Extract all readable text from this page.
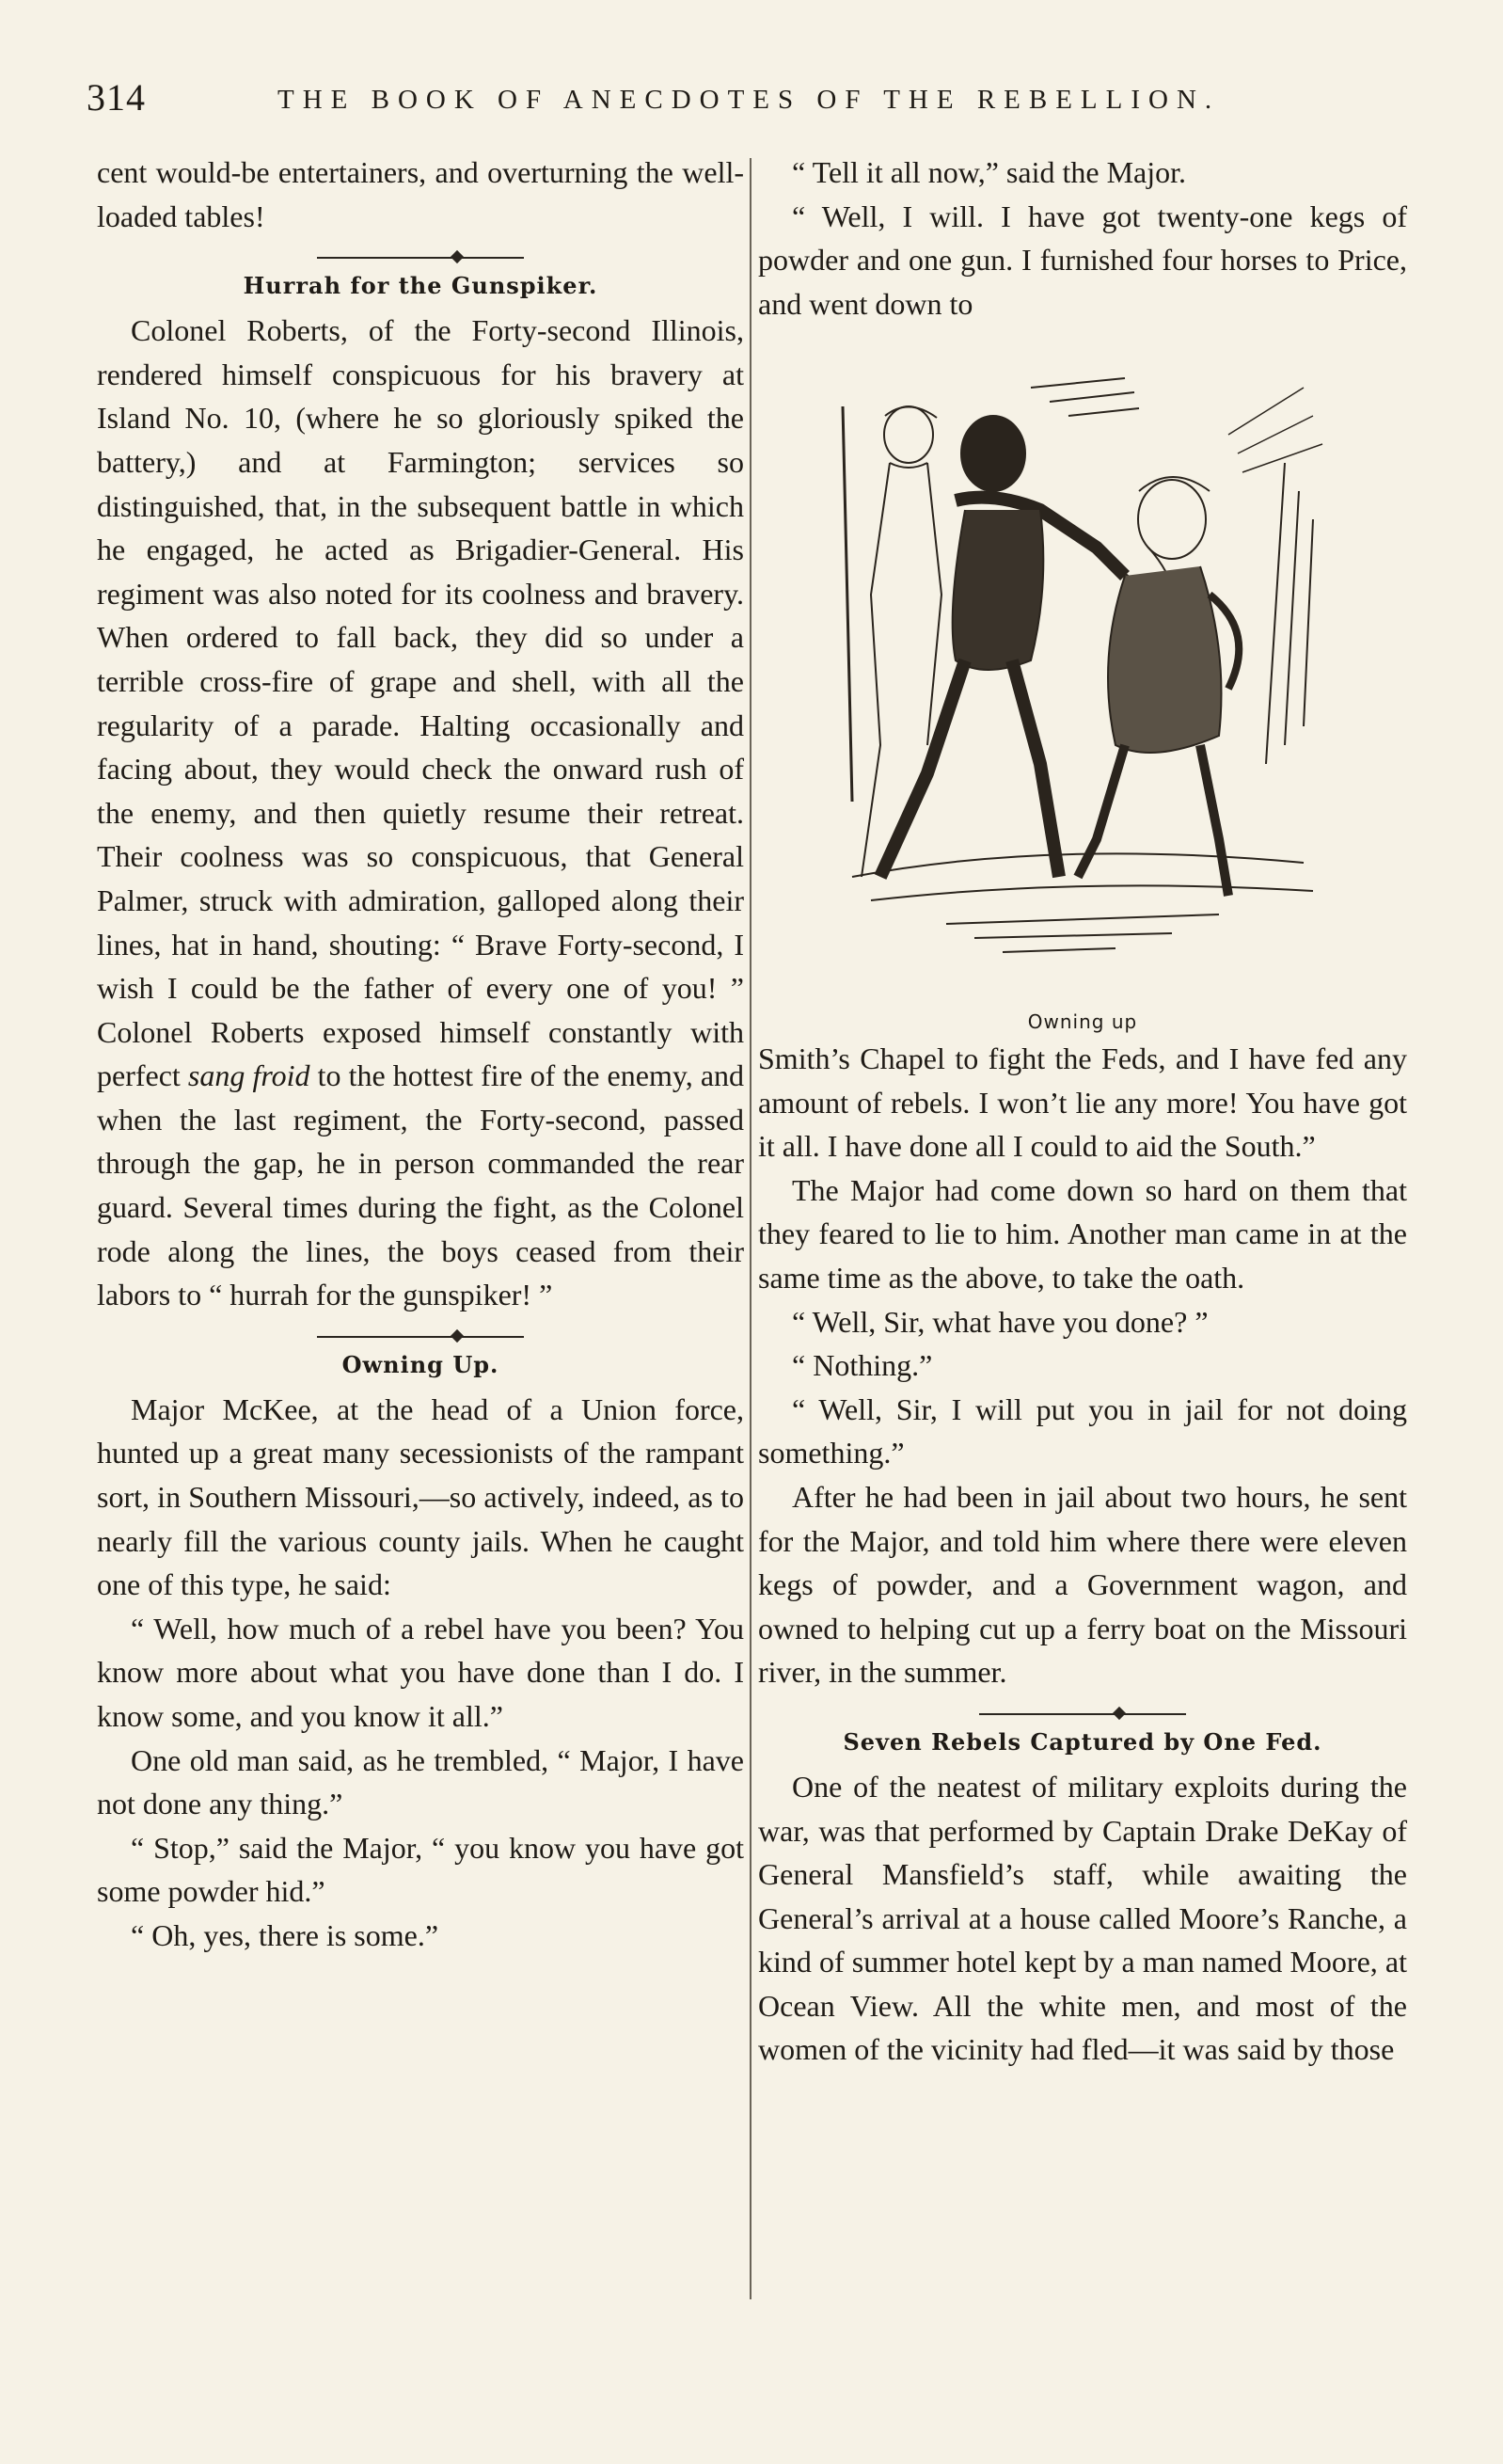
314	THE BOOK OF ANECDOTES OF THE REBELLION.

cent would-be entertainers, and overturning the well-loaded tables!

Hurrah for the Gunspiker.

Colonel Roberts, of the Forty-second Illinois, rendered himself conspicuous for his bravery at Island No. 10, (where he so gloriously spiked the battery,) and at Farmington; services so distinguished, that, in the subsequent battle in which he engaged, he acted as Brigadier-General. His regiment was also noted for its coolness and bravery. When ordered to fall back, they did so under a terrible cross-fire of grape and shell, with all the regularity of a parade. Halting occasionally and facing about, they would check the onward rush of the enemy, and then quietly resume their retreat. Their coolness was so conspicuous, that General Palmer, struck with admiration, galloped along their lines, hat in hand, shouting: “ Brave Forty-second, I wish I could be the father of every one of you! ” Colonel Roberts exposed himself constantly with perfect sang froid to the hottest fire of the enemy, and when the last regiment, the Forty-second, passed through the gap, he in person commanded the rear guard. Several times during the fight, as the Colonel rode along the lines, the boys ceased from their labors to “ hurrah for the gunspiker! ”

Owning Up.

Major McKee, at the head of a Union force, hunted up a great many secessionists of the rampant sort, in Southern Missouri,—so actively, indeed, as to nearly fill the various county jails. When he caught one of this type, he said:

“ Well, how much of a rebel have you been? You know more about what you have done than I do. I know some, and you know it all.”

One old man said, as he trembled, “ Major, I have not done any thing.”

“ Stop,” said the Major, “ you know you have got some powder hid.”

“ Oh, yes, there is some.”

“ Tell it all now,” said the Major.

“ Well, I will. I have got twenty-one kegs of powder and one gun. I furnished four horses to Price, and went down to

Owning up

Smith’s Chapel to fight the Feds, and I have fed any amount of rebels. I won’t lie any more! You have got it all. I have done all I could to aid the South.”

The Major had come down so hard on them that they feared to lie to him. Another man came in at the same time as the above, to take the oath.

“ Well, Sir, what have you done? ”

“ Nothing.”

“ Well, Sir, I will put you in jail for not doing something.”

After he had been in jail about two hours, he sent for the Major, and told him where there were eleven kegs of powder, and a Government wagon, and owned to helping cut up a ferry boat on the Missouri river, in the summer.

Seven Rebels Captured by One Fed.

One of the neatest of military exploits during the war, was that performed by Captain Drake DeKay of General Mansfield’s staff, while awaiting the General’s arrival at a house called Moore’s Ranche, a kind of summer hotel kept by a man named Moore, at Ocean View. All the white men, and most of the women of the vicinity had fled—it was said by those
